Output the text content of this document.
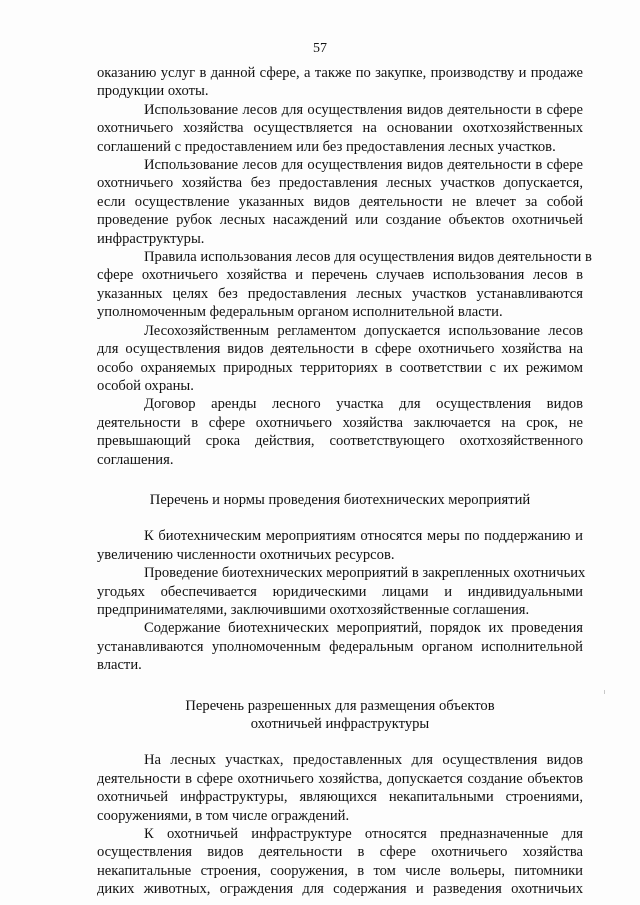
57

оказанию услуг в данной сфере, а также по закупке, производству и продаже
продукции охоты.

Использование лесов для осуществления видов деятельности в сфере
охотничьего хозяйства осуществляется на основании охотхозяйственных
соглашений с предоставлением или без предоставления лесных участков.

Использование лесов для осуществления видов деятельности в сфере
охотничьего хозяйства без предоставления лесных участков допускается,
если осуществление указанных видов деятельности не влечет за собой
проведение рубок лесных насаждений или создание объектов охотничьей
инфраструктуры.

Правила использования лесов для осуществления видов деятельности в
сфере охотничьего хозяйства и перечень случаев использования лесов в
указанных целях без предоставления лесных участков устанавливаются
уполномоченным федеральным органом исполнительной власти.

Лесохозяйственным регламентом допускается использование лесов
для осуществления видов деятельности в сфере охотничьего хозяйства на
особо охраняемых природных территориях в соответствии с их режимом
особой охраны.

Договор аренды лесного участка для осуществления видов
деятельности в сфере охотничьего хозяйства заключается на срок, не
превышающий срока действия, соответствующего охотхозяйственного
соглашения.

Перечень и нормы проведения биотехнических мероприятий

К биотехническим мероприятиям относятся меры по поддержанию и
увеличению численности охотничьих ресурсов.

Проведение биотехнических мероприятий в закрепленных охотничьих
угодьях обеспечивается юридическими лицами и индивидуальными
предпринимателями, заключившими охотхозяйственные соглашения.

Содержание биотехнических мероприятий, порядок их проведения
устанавливаются уполномоченным федеральным органом исполнительной
власти.

Перечень разрешенных для размещения объектов
охотничьей инфраструктуры

На лесных участках, предоставленных для осуществления видов
деятельности в сфере охотничьего хозяйства, допускается создание объектов
охотничьей инфраструктуры, являющихся некапитальными строениями,
сооружениями, в том числе ограждений.

К охотничьей инфраструктуре относятся предназначенные для
осуществления видов деятельности в сфере охотничьего хозяйства
некапитальные строения, сооружения, в том числе вольеры, питомники
диких животных, ограждения для содержания и разведения охотничьих
